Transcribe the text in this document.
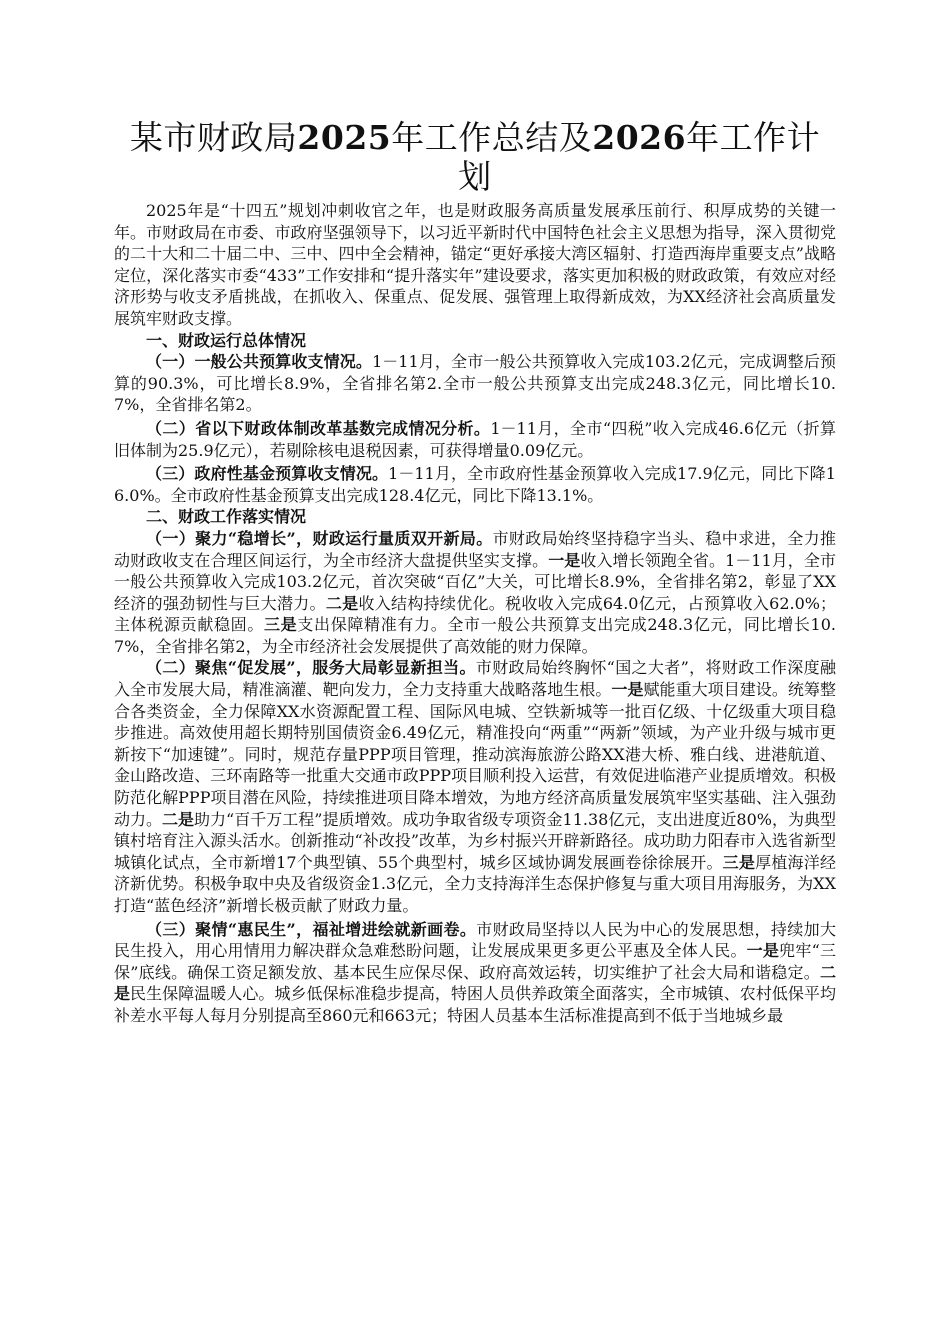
某市财政局2025年工作总结及2026年工作计划

2025年是“十四五”规划冲刺收官之年，也是财政服务高质量发展承压前行、积厚成势的关键一年。市财政局在市委、市政府坚强领导下，以习近平新时代中国特色社会主义思想为指导，深入贯彻党的二十大和二十届二中、三中、四中全会精神，锚定“更好承接大湾区辐射、打造西海岸重要支点”战略定位，深化落实市委“433”工作安排和“提升落实年”建设要求，落实更加积极的财政政策，有效应对经济形势与收支矛盾挑战，在抓收入、保重点、促发展、强管理上取得新成效，为XX经济社会高质量发展筑牢财政支撑。

一、财政运行总体情况

（一）一般公共预算收支情况。1－11月，全市一般公共预算收入完成103.2亿元，完成调整后预算的90.3%，可比增长8.9%，全省排名第2.全市一般公共预算支出完成248.3亿元，同比增长10.7%，全省排名第2。

（二）省以下财政体制改革基数完成情况分析。1－11月，全市“四税”收入完成46.6亿元（折算旧体制为25.9亿元），若剔除核电退税因素，可获得增量0.09亿元。

（三）政府性基金预算收支情况。1－11月，全市政府性基金预算收入完成17.9亿元，同比下降16.0%。全市政府性基金预算支出完成128.4亿元，同比下降13.1%。

二、财政工作落实情况

（一）聚力“稳增长”，财政运行量质双开新局。市财政局始终坚持稳字当头、稳中求进，全力推动财政收支在合理区间运行，为全市经济大盘提供坚实支撑。一是收入增长领跑全省。1－11月，全市一般公共预算收入完成103.2亿元，首次突破“百亿”大关，可比增长8.9%，全省排名第2，彰显了XX经济的强劲韧性与巨大潜力。二是收入结构持续优化。税收收入完成64.0亿元，占预算收入62.0%；主体税源贡献稳固。三是支出保障精准有力。全市一般公共预算支出完成248.3亿元，同比增长10.7%，全省排名第2，为全市经济社会发展提供了高效能的财力保障。

（二）聚焦“促发展”，服务大局彰显新担当。市财政局始终胸怀“国之大者”，将财政工作深度融入全市发展大局，精准滴灌、靶向发力，全力支持重大战略落地生根。一是赋能重大项目建设。统筹整合各类资金，全力保障XX水资源配置工程、国际风电城、空铁新城等一批百亿级、十亿级重大项目稳步推进。高效使用超长期特别国债资金6.49亿元，精准投向“两重”“两新”领域，为产业升级与城市更新按下“加速键”。同时，规范存量PPP项目管理，推动滨海旅游公路XX港大桥、雅白线、进港航道、金山路改造、三环南路等一批重大交通市政PPP项目顺利投入运营，有效促进临港产业提质增效。积极防范化解PPP项目潜在风险，持续推进项目降本增效，为地方经济高质量发展筑牢坚实基础、注入强劲动力。二是助力“百千万工程”提质增效。成功争取省级专项资金11.38亿元，支出进度近80%，为典型镇村培育注入源头活水。创新推动“补改投”改革，为乡村振兴开辟新路径。成功助力阳春市入选省新型城镇化试点，全市新增17个典型镇、55个典型村，城乡区域协调发展画卷徐徐展开。三是厚植海洋经济新优势。积极争取中央及省级资金1.3亿元，全力支持海洋生态保护修复与重大项目用海服务，为XX打造“蓝色经济”新增长极贡献了财政力量。

（三）聚情“惠民生”，福祉增进绘就新画卷。市财政局坚持以人民为中心的发展思想，持续加大民生投入，用心用情用力解决群众急难愁盼问题，让发展成果更多更公平惠及全体人民。一是兜牢“三保”底线。确保工资足额发放、基本民生应保尽保、政府高效运转，切实维护了社会大局和谐稳定。二是民生保障温暖人心。城乡低保标准稳步提高，特困人员供养政策全面落实，全市城镇、农村低保平均补差水平每人每月分别提高至860元和663元；特困人员基本生活标准提高到不低于当地城乡最
